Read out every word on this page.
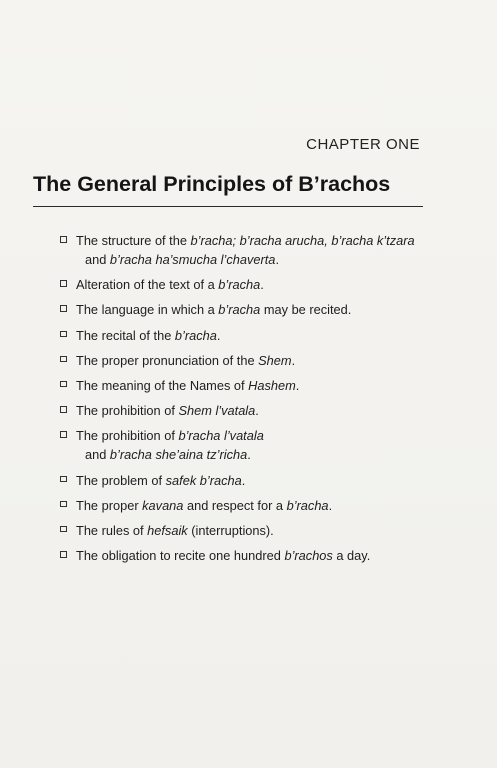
CHAPTER ONE
The General Principles of B’rachos
The structure of the b’racha; b’racha arucha, b’racha k’tzara
and b’racha ha’smucha l’chaverta.
Alteration of the text of a b’racha.
The language in which a b’racha may be recited.
The recital of the b’racha.
The proper pronunciation of the Shem.
The meaning of the Names of Hashem.
The prohibition of Shem l’vatala.
The prohibition of b’racha l’vatala
and b’racha she’aina tz’richa.
The problem of safek b’racha.
The proper kavana and respect for a b’racha.
The rules of hefsaik (interruptions).
The obligation to recite one hundred b’rachos a day.
